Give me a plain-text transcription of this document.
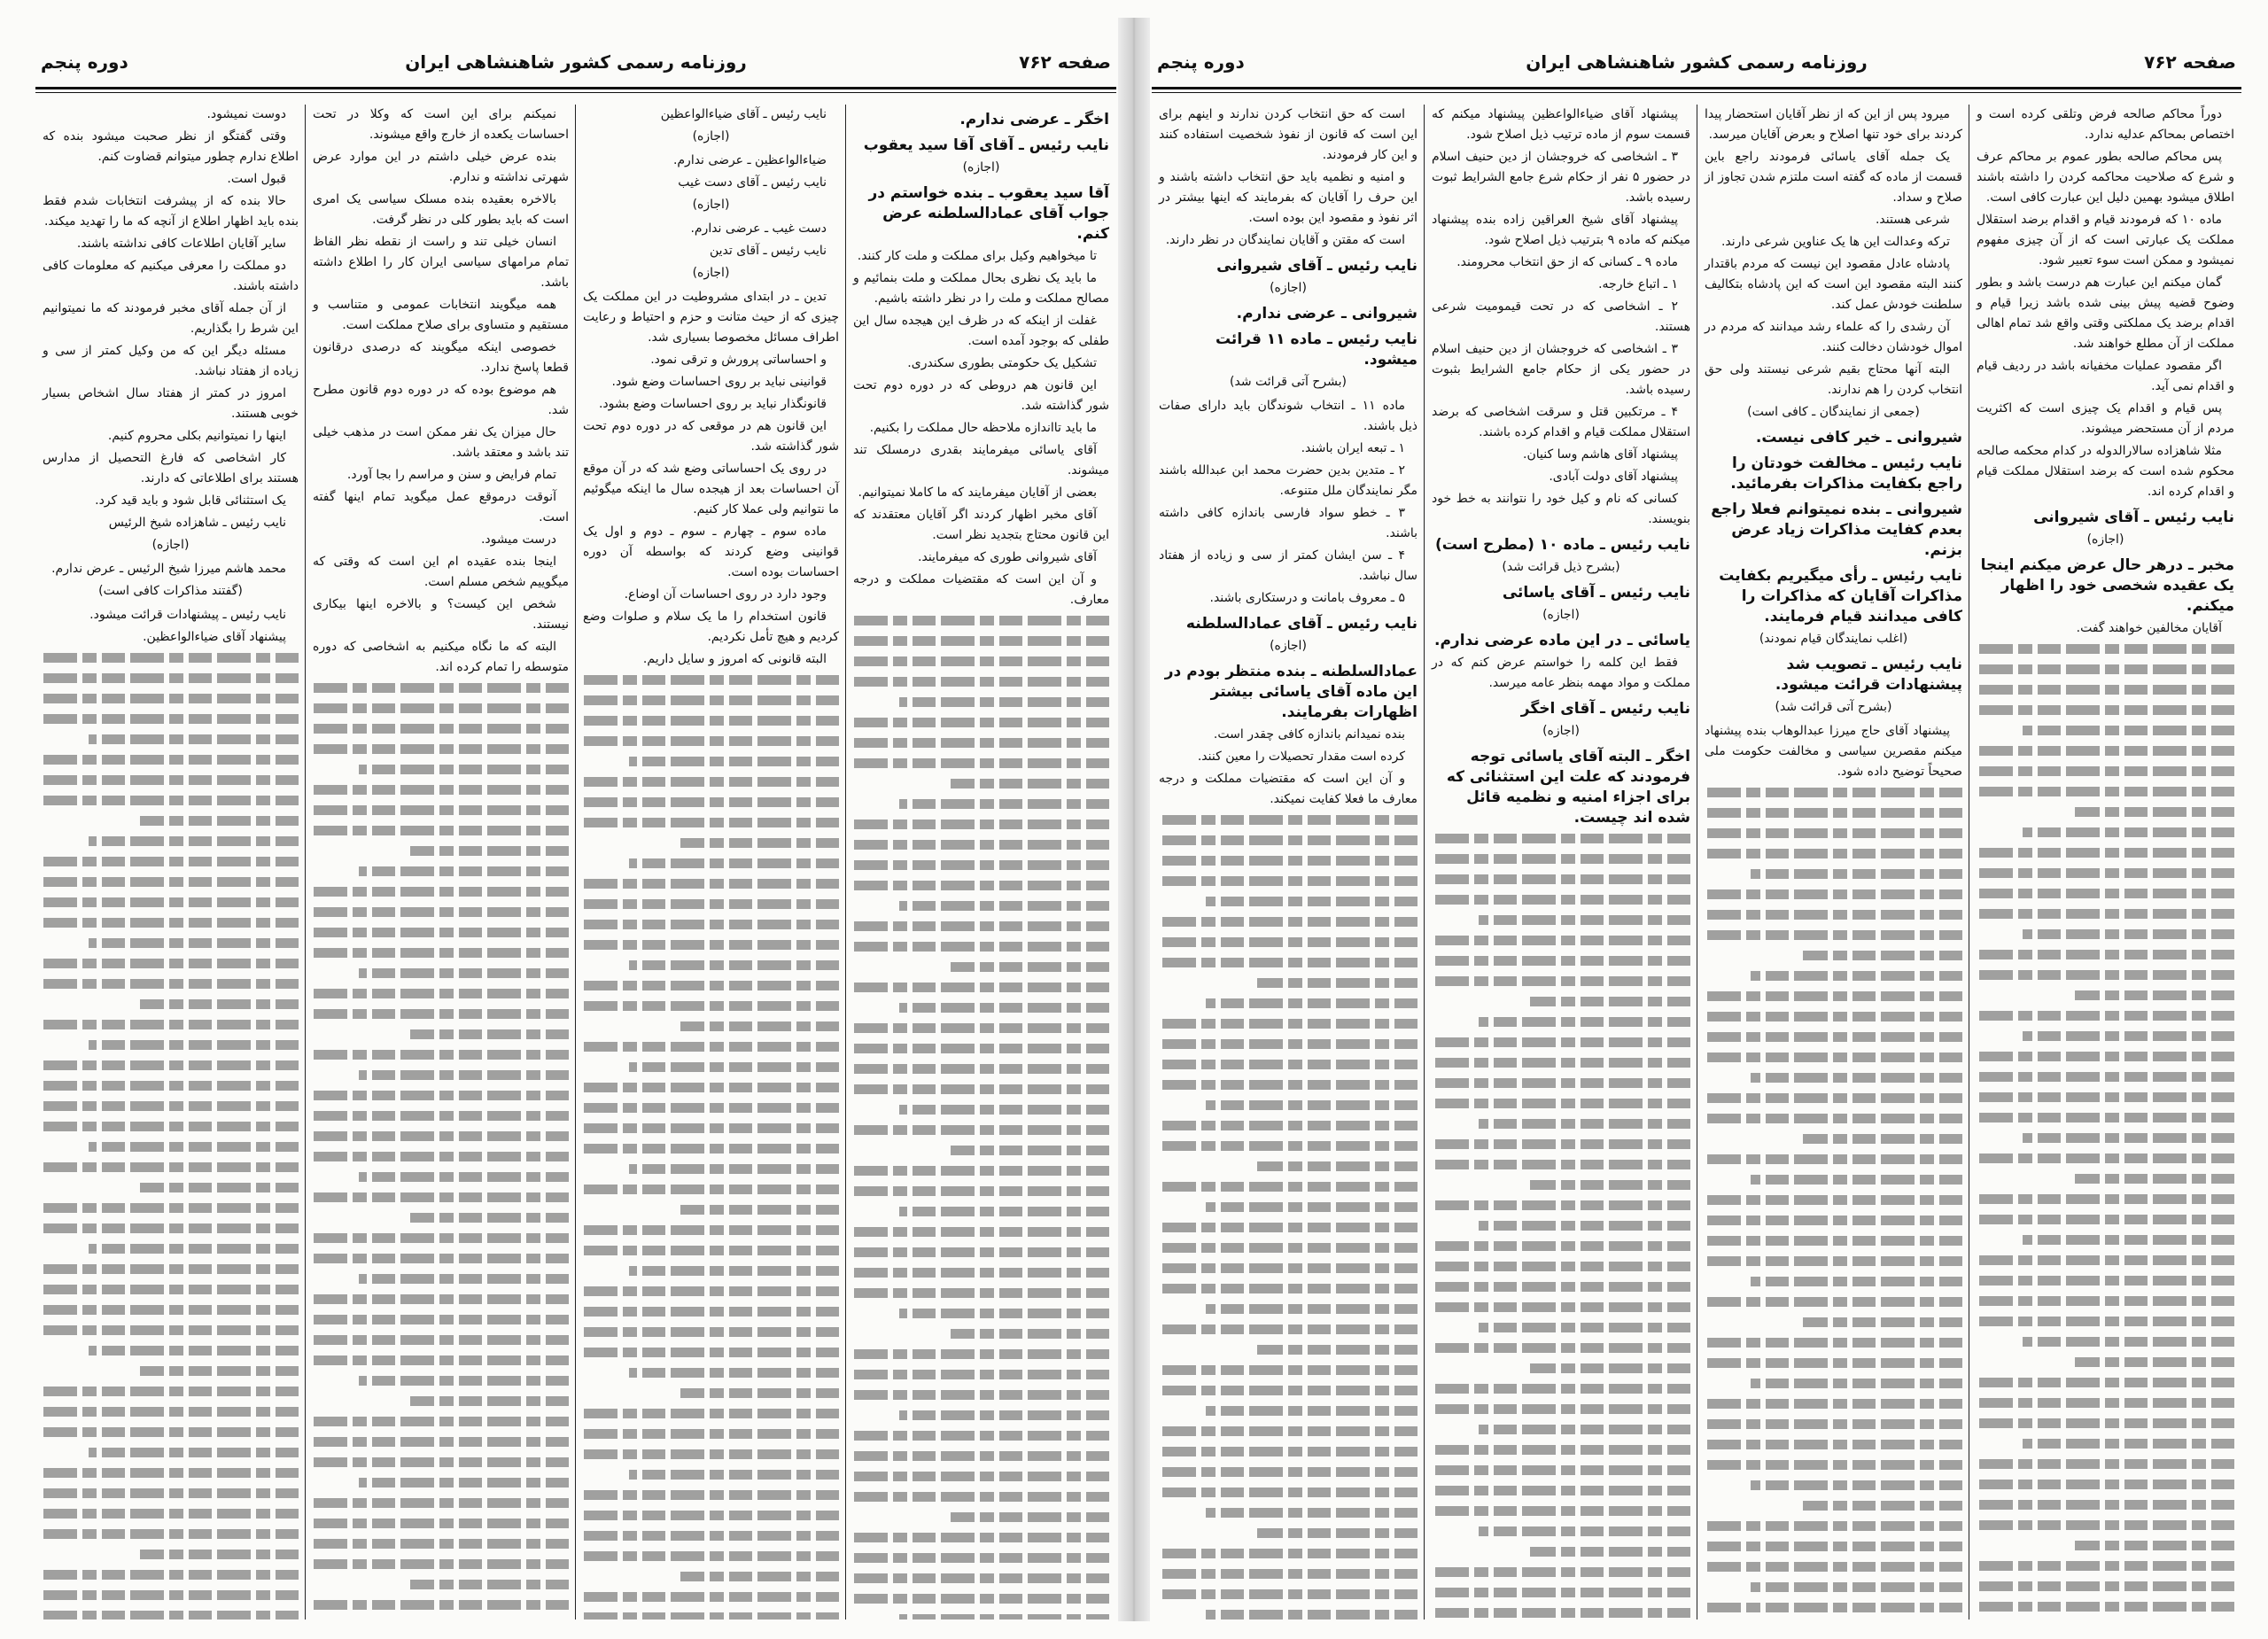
صفحه ۷۶۲
روزنامه رسمی کشور شاهنشاهی ایران
دوره پنجم

اخگر ـ عرضی ندارم.

نایب رئیس ـ آقای آقا سید یعقوب

(اجازه)

آقا سید یعقوب ـ بنده خواستم در جواب آقای عمادالسلطنه عرض کنم.

تا میخواهیم وکیل برای مملکت و ملت کار کنند.

ما باید یک نظری بحال مملکت و ملت بنمائیم و مصالح مملکت و ملت را در نظر داشته باشیم.

غفلت از اینکه که در ظرف این هیجده سال این طفلی که بوجود آمده است.

تشکیل یک حکومتی بطوری سکندری.

این قانون هم دروطی که در دوره دوم تحت شور گذاشته شد.

ما باید تااندازه ملاحظه حال مملکت را بکنیم.

آقای یاسائی میفرمایند بقدری درمسلک تند میشوند.

بعضی از آقایان میفرمایند که ما کاملا نمیتوانیم.

آقای مخبر اظهار کردند اگر آقایان معتقدند که این قانون محتاج بتجدید نظر است.

آقای شیروانی طوری که میفرمایند.

و آن این است که مقتضیات مملکت و درجه معارف.

نایب رئیس ـ آقای ضیاءالواعظین

(اجازه)

ضیاءالواعظین ـ عرضی ندارم.

نایب رئیس ـ آقای دست غیب

(اجازه)

دست غیب ـ عرضی ندارم.

نایب رئیس ـ آقای تدین

(اجازه)

تدین ـ در ابتدای مشروطیت در این مملکت یک چیزی که از حیث متانت و حزم و احتیاط و رعایت اطراف مسائل مخصوصا بسیاری شد.

و احساساتی پرورش و ترقی نمود.

قوانینی نباید بر روی احساسات وضع شود.

قانونگذار نباید بر روی احساسات وضع بشود.

این قانون هم در موقعی که در دوره دوم تحت شور گذاشته شد.

در روی یک احساساتی وضع شد که در آن موقع آن احساسات بعد از هیجده سال ما اینکه میگوئیم ما نتوانیم ولی عملا کار کنیم.

ماده سوم ـ چهارم ـ سوم ـ دوم و اول یک قوانینی وضع کردند که بواسطه آن دوره احساسات بوده است.

وجود دارد در روی احساسات آن اوضاع.

قانون استخدام را ما یک سلام و صلوات وضع کردیم و هیچ تأمل نکردیم.

البته قانونی که امروز و سایل داریم.

نمیکنم برای این است که وکلا در تحت احساسات یکعده از خارج واقع میشوند.

بنده عرض خیلی داشتم در این موارد عرض شهرتی نداشته و ندارم.

بالاخره بعقیده بنده مسلک سیاسی یک امری است که باید بطور کلی در نظر گرفت.

انسان خیلی تند و راست از نقطه نظر الفاظ تمام مرامهای سیاسی ایران کار را اطلاع داشته باشد.

همه میگویند انتخابات عمومی و متناسب و مستقیم و متساوی برای صلاح مملکت است.

خصوصی اینکه میگویند که درصدی درقانون قطعا پاسخ ندارد.

هم موضوع بوده که در دوره دوم قانون مطرح شد.

حال میزان یک نفر ممکن است در مذهب خیلی تند باشد و معتقد باشد.

تمام فرایض و سنن و مراسم را بجا آورد.

آنوقت درموقع عمل میگوید تمام اینها گفته است.

درست میشود.

اینجا بنده عقیده ام این است که وقتی که میگوییم شخص مسلم است.

شخص این کیست؟ و بالاخره اینها بیکاری نیستند.

البته که ما نگاه میکنیم به اشخاصی که دوره متوسطه را تمام کرده اند.

دوست نمیشود.

وقتی گفتگو از نظر صحبت میشود بنده که اطلاع ندارم چطور میتوانم قضاوت کنم.

قبول است.

حالا بنده که از پیشرفت انتخابات شدم فقط بنده باید اظهار اطلاع از آنچه که ما را تهدید میکند.

سایر آقایان اطلاعات کافی نداشته باشند.

دو مملکت را معرفی میکنیم که معلومات کافی داشته باشند.

از آن جمله آقای مخبر فرمودند که ما نمیتوانیم این شرط را بگذاریم.

مسئله دیگر این که من وکیل کمتر از سی و زیاده از هفتاد نباشد.

امروز در کمتر از هفتاد سال اشخاص بسیار خوبی هستند.

اینها را نمیتوانیم بکلی محروم کنیم.

کار اشخاصی که فارغ التحصیل از مدارس هستند برای اطلاعاتی که دارند.

یک استثنائی قابل شود و باید قید کرد.

نایب رئیس ـ شاهزاده شیخ الرئیس

(اجازه)

محمد هاشم میرزا شیخ الرئیس ـ عرض ندارم.

(گفتند مذاکرات کافی است)

نایب رئیس ـ پیشنهادات قرائت میشود.

پیشنهاد آقای ضیاءالواعظین.

صفحه ۷۶۲
روزنامه رسمی کشور شاهنشاهی ایران
دوره پنجم

دوراً محاکم صالحه فرض وتلقی کرده است و اختصاص بمحاکم عدلیه ندارد.

پس محاکم صالحه بطور عموم بر محاکم عرف و شرع که صلاحیت محاکمه کردن را داشته باشند اطلاق میشود بهمین دلیل این عبارت کافی است.

ماده ۱۰ که فرمودند قیام و اقدام برضد استقلال مملکت یک عبارتی است که از آن چیزی مفهوم نمیشود و ممکن است سوء تعبیر شود.

گمان میکنم این عبارت هم درست باشد و بطور وضوح قضیه پیش بینی شده باشد زیرا قیام و اقدام برضد یک مملکتی وقتی واقع شد تمام اهالی مملکت از آن مطلع خواهند شد.

اگر مقصود عملیات مخفیانه باشد در ردیف قیام و اقدام نمی آید.

پس قیام و اقدام یک چیزی است که اکثریت مردم از آن مستحضر میشوند.

مثلا شاهزاده سالارالدوله در کدام محکمه صالحه محکوم شده است که برضد استقلال مملکت قیام و اقدام کرده اند.

نایب رئیس ـ آقای شیروانی

(اجازه)

مخبر ـ درهر حال عرض میکنم اینجا یک عقیده شخصی خود را اظهار میکنم.

آقایان مخالفین خواهند گفت.

میرود پس از این که از نظر آقایان استحضار پیدا کردند برای خود تنها اصلاح و بعرض آقایان میرسد.

یک جمله آقای یاسائی فرمودند راجع باین قسمت از ماده که گفته است ملتزم شدن تجاوز از صلاح و سداد.

شرعی هستند.

ترکه وعدالت این ها یک عناوین شرعی دارند.

پادشاه عادل مقصود این نیست که مردم باقتدار کنند البته مقصود این است که این پادشاه بتکالیف سلطنت خودش عمل کند.

آن رشدی را که علماء رشد میدانند که مردم در اموال خودشان دخالت کنند.

البته آنها محتاج بقیم شرعی نیستند ولی حق انتخاب کردن را هم ندارند.

(جمعی از نمایندگان ـ کافی است)

شیروانی ـ خیر کافی نیست.

نایب رئیس ـ مخالفت خودتان را راجع بکفایت مذاکرات بفرمائید.

شیروانی ـ بنده نمیتوانم فعلا راجع بعدم کفایت مذاکرات زیاد عرض بزنم.

نایب رئیس ـ رأی میگیریم بکفایت مذاکرات آقایان که مذاکرات را کافی میدانند قیام فرمایند.

(اغلب نمایندگان قیام نمودند)

نایب رئیس ـ تصویب شد پیشنهادات قرائت میشود.

(بشرح آتی قرائت شد)

پیشنهاد آقای حاج میرزا عبدالوهاب بنده پیشنهاد میکنم مقصرین سیاسی و مخالفت حکومت ملی صحیحاً توضیح داده شود.

پیشنهاد آقای ضیاءالواعظین پیشنهاد میکنم که قسمت سوم از ماده ترتیب ذیل اصلاح شود.

۳ ـ اشخاصی که خروجشان از دین حنیف اسلام در حضور ۵ نفر از حکام شرع جامع الشرایط ثبوت رسیده باشد.

پیشنهاد آقای شیخ العراقین زاده بنده پیشنهاد میکنم که ماده ۹ بترتیب ذیل اصلاح شود.

ماده ۹ ـ کسانی که از حق انتخاب محرومند.

۱ ـ اتباع خارجه.

۲ ـ اشخاصی که در تحت قیمومیت شرعی هستند.

۳ ـ اشخاصی که خروجشان از دین حنیف اسلام در حضور یکی از حکام جامع الشرایط بثبوت رسیده باشد.

۴ ـ مرتکبین قتل و سرقت اشخاصی که برضد استقلال مملکت قیام و اقدام کرده باشند.

پیشنهاد آقای هاشم وسا کنیان.

پیشنهاد آقای دولت آبادی.

کسانی که نام و کیل خود را نتوانند به خط خود بنویسند.

نایب رئیس ـ ماده ۱۰ (مطرح است)

(بشرح ذیل قرائت شد)

نایب رئیس ـ آقای یاسائی

(اجازه)

یاسائی ـ در این ماده عرضی ندارم.

فقط این کلمه را خواستم عرض کنم که در مملکت و مواد مهمه بنظر عامه میرسد.

نایب رئیس ـ آقای اخگر

(اجازه)

اخگر ـ البته آقای یاسائی توجه فرمودند که علت این استثنائی که برای اجزاء امنیه و نظمیه قائل شده اند چیست.

است که حق انتخاب کردن ندارند و اینهم برای این است که قانون از نفوذ شخصیت استفاده کنند و این کار فرمودند.

و امنیه و نظمیه باید حق انتخاب داشته باشند و این حرف را آقایان که بفرمایند که اینها بیشتر در اثر نفوذ و مقصود این بوده است.

است که مقتن و آقایان نمایندگان در نظر دارند.

نایب رئیس ـ آقای شیروانی

(اجازه)

شیروانی ـ عرضی ندارم.

نایب رئیس ـ ماده ۱۱ قرائت میشود.

(بشرح آتی قرائت شد)

ماده ۱۱ ـ انتخاب شوندگان باید دارای صفات ذیل باشند.

۱ ـ تبعه ایران باشند.

۲ ـ متدین بدین حضرت محمد ابن عبدالله باشند مگر نمایندگان ملل متنوعه.

۳ ـ خطو سواد فارسی باندازه کافی داشته باشند.

۴ ـ سن ایشان کمتر از سی و زیاده از هفتاد سال نباشد.

۵ ـ معروف بامانت و درستکاری باشند.

نایب رئیس ـ آقای عمادالسلطنه

(اجازه)

عمادالسلطنه ـ بنده منتظر بودم در این ماده آقای یاسائی بیشتر اظهارات بفرمایند.

بنده نمیدانم باندازه کافی چقدر است.

کرده است مقدار تحصیلات را معین کنند.

و آن این است که مقتضیات مملکت و درجه معارف ما فعلا کفایت نمیکند.
